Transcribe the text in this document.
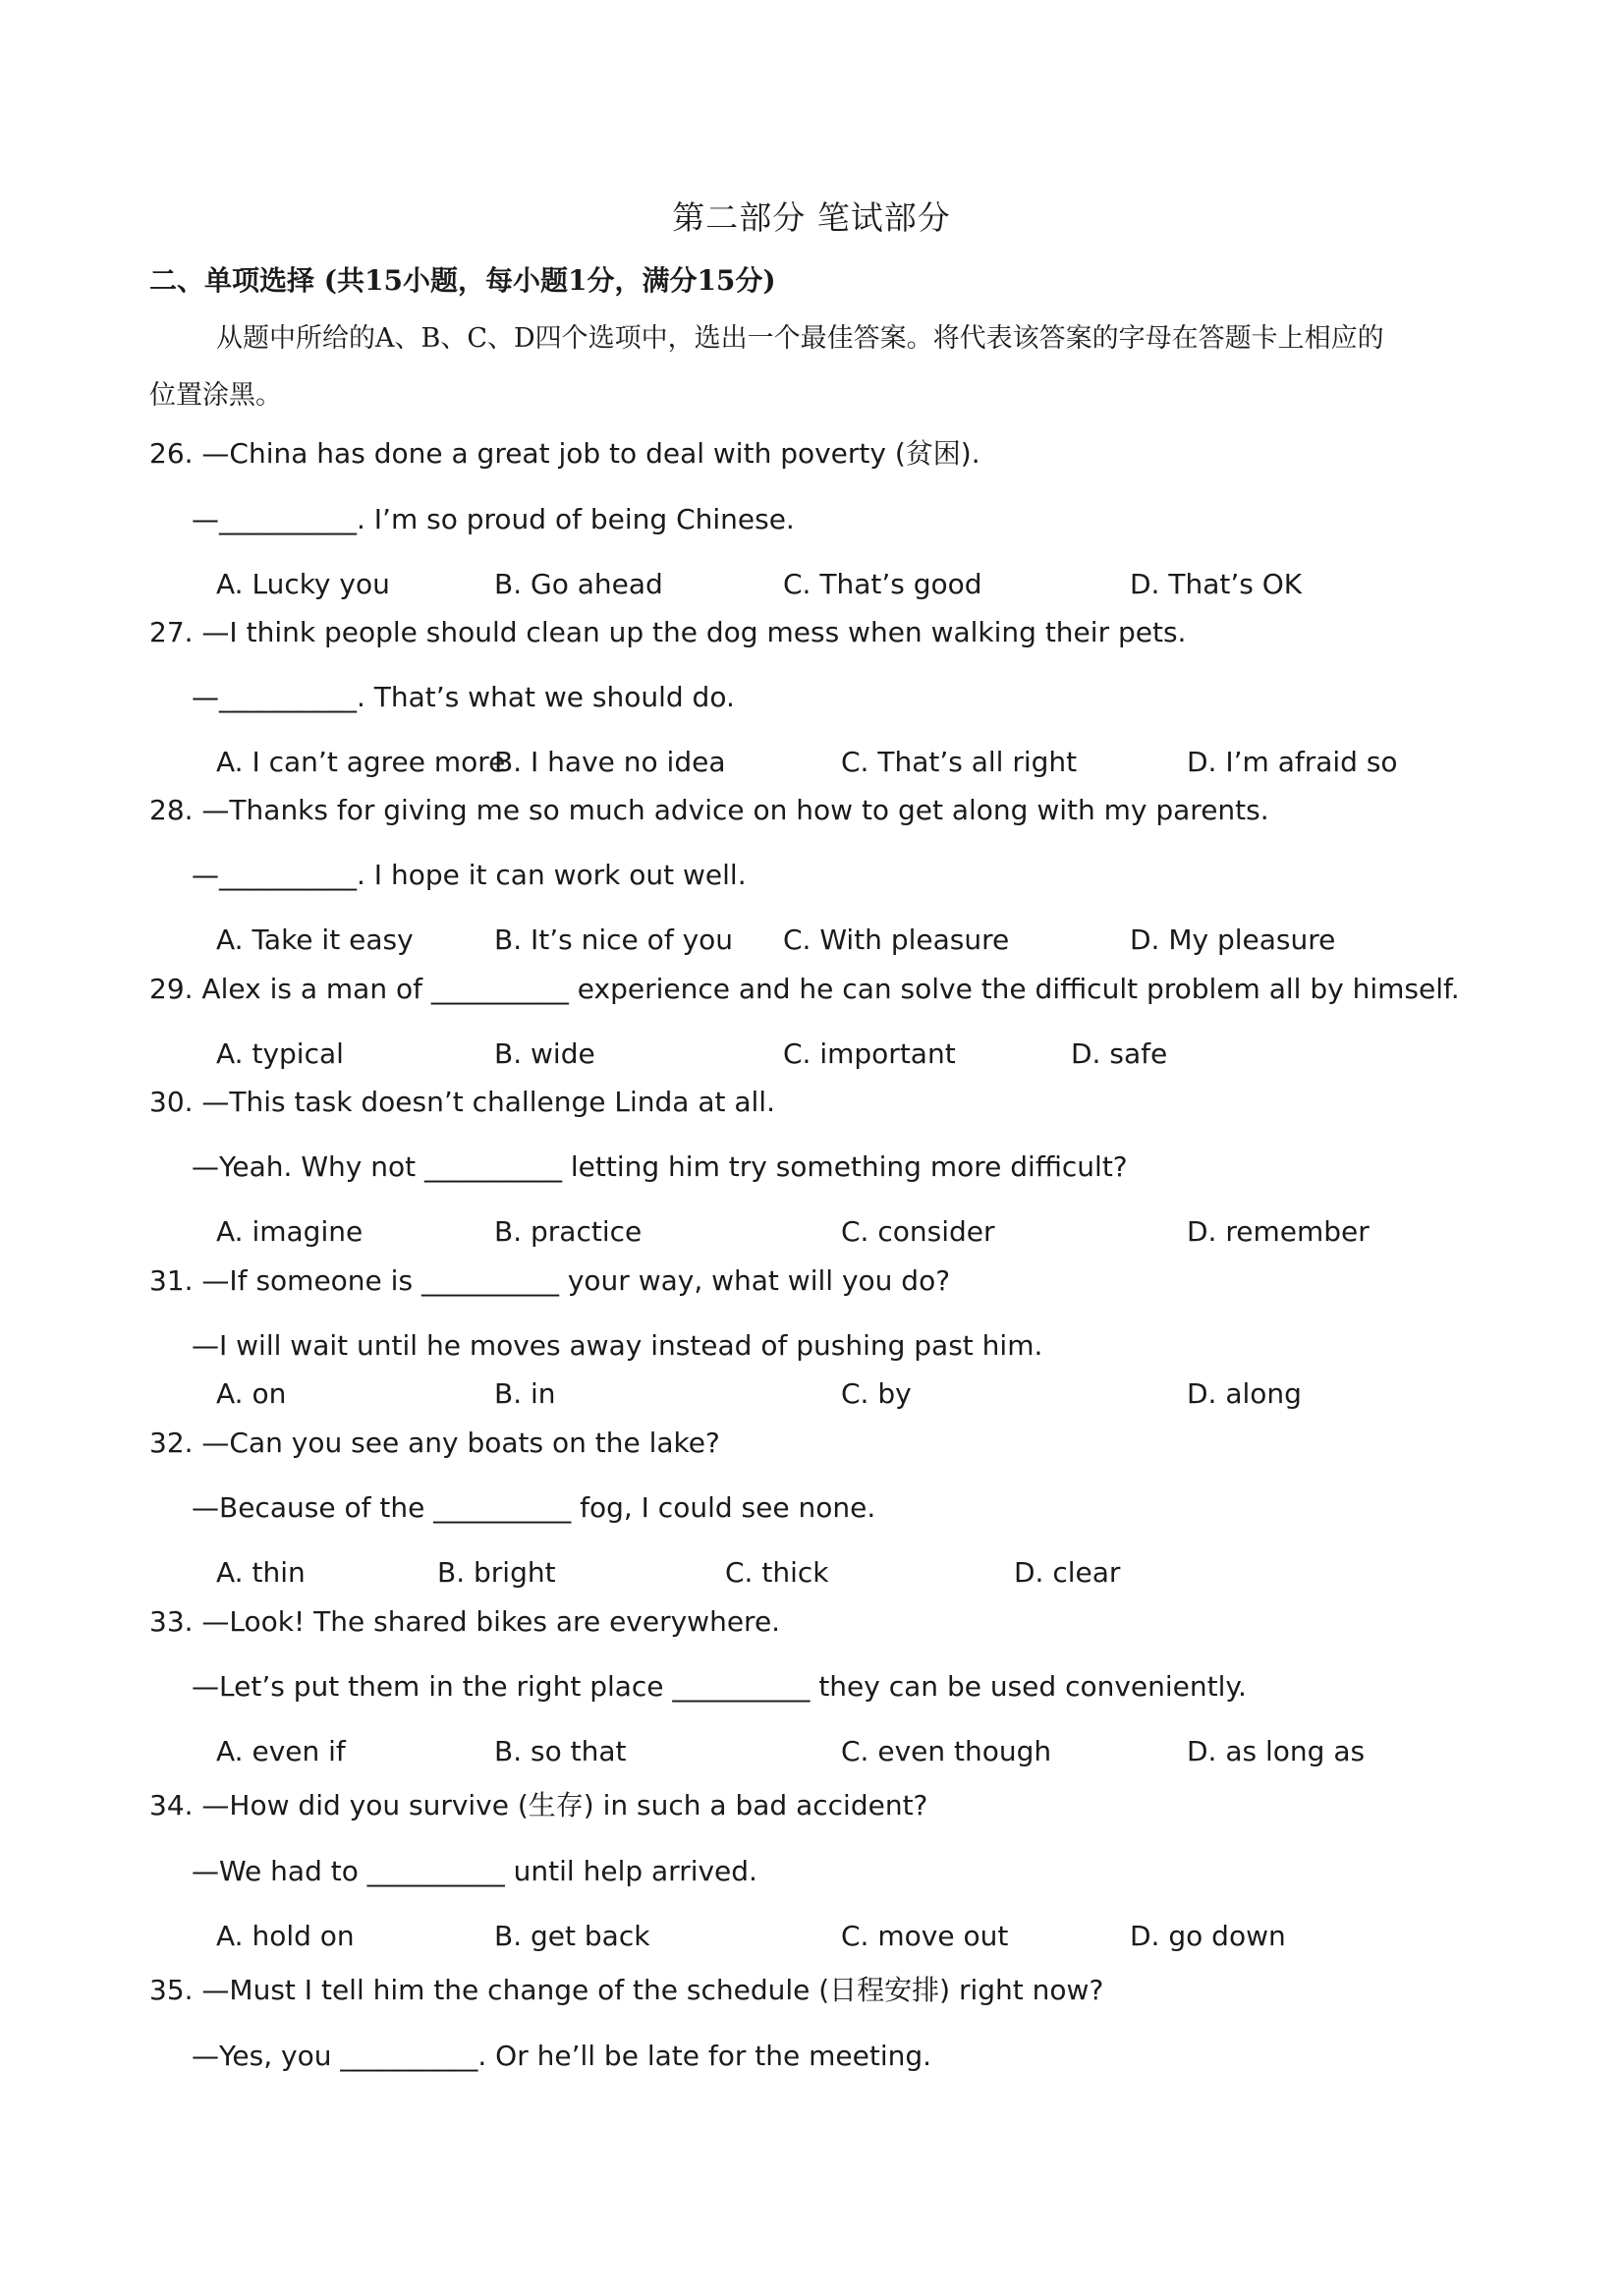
第二部分 笔试部分
二、单项选择 (共15小题，每小题1分，满分15分)
从题中所给的A、B、C、D四个选项中，选出一个最佳答案。将代表该答案的字母在答题卡上相应的
位置涂黑。
26. —China has done a great job to deal with poverty (贫困).
—__________. I’m so proud of being Chinese.
A. Lucky you	B. Go ahead	C. That’s good	D. That’s OK
27. —I think people should clean up the dog mess when walking their pets.
—__________. That’s what we should do.
A. I can’t agree more
B. I have no idea	C. That’s all right	D. I’m afraid so
28. —Thanks for giving me so much advice on how to get along with my parents.
—__________. I hope it can work out well.
A. Take it easy	B. It’s nice of you C. With pleasure	D. My pleasure
29. Alex is a man of __________ experience and he can solve the difficult problem all by himself.
A. typical	B. wide	C. important	D. safe
30. —This task doesn’t challenge Linda at all.
—Yeah. Why not __________ letting him try something more difficult?
A. imagine	B. practice	C. consider	D. remember
31. —If someone is __________ your way, what will you do?
—I will wait until he moves away instead of pushing past him.
A. on	B. in	C. by	D. along
32. —Can you see any boats on the lake?
—Because of the __________ fog, I could see none.
A. thin	B. bright	C. thick	D. clear
33. —Look! The shared bikes are everywhere.
—Let’s put them in the right place __________ they can be used conveniently.
A. even if	B. so that	C. even though	D. as long as
34. —How did you survive (生存) in such a bad accident?
—We had to __________ until help arrived.
A. hold on	B. get back	C. move out	D. go down
35. —Must I tell him the change of the schedule (日程安排) right now?
—Yes, you __________. Or he’ll be late for the meeting.
